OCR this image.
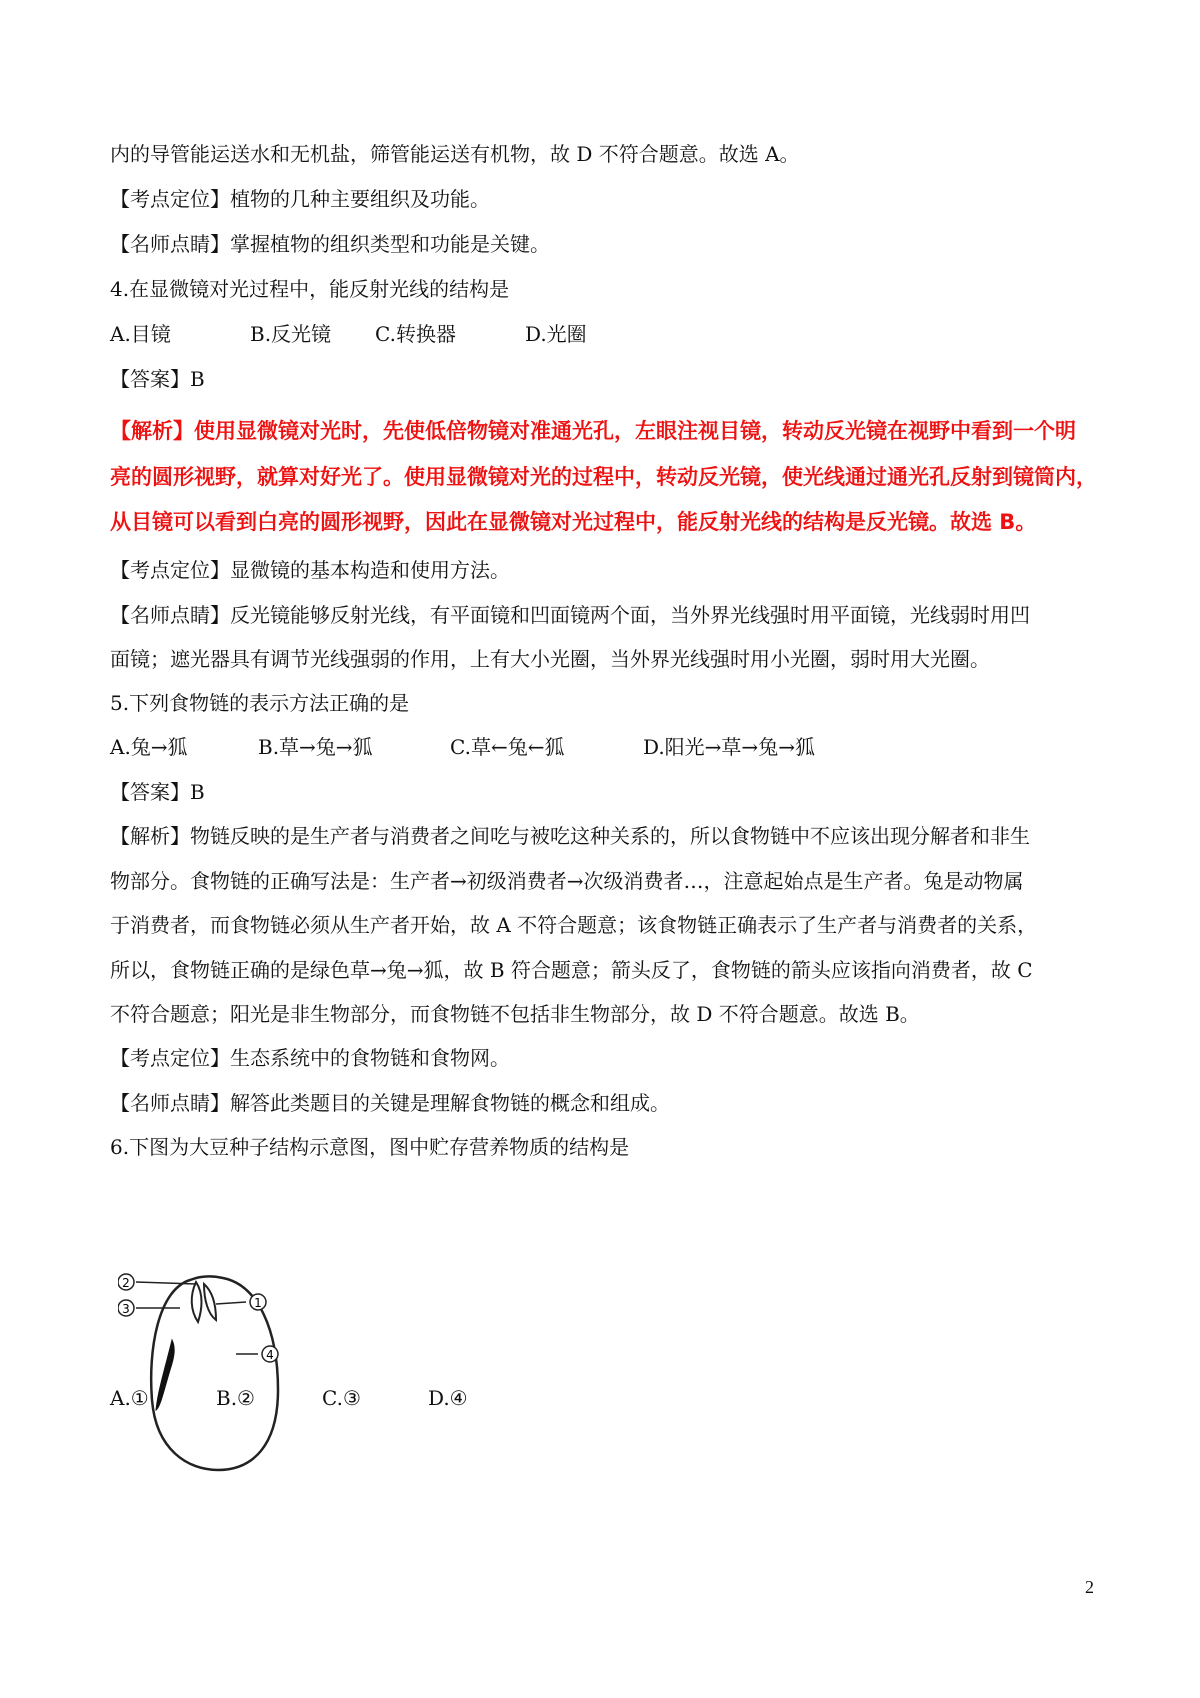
内的导管能运送水和无机盐，筛管能运送有机物，故 D 不符合题意。故选 A。
【考点定位】植物的几种主要组织及功能。
【名师点睛】掌握植物的组织类型和功能是关键。
4.在显微镜对光过程中，能反射光线的结构是
A.目镜	B.反光镜 C.转换器	D.光圈
【答案】B
【解析】使用显微镜对光时，先使低倍物镜对准通光孔，左眼注视目镜，转动反光镜在视野中看到一个明
亮的圆形视野，就算对好光了。使用显微镜对光的过程中，转动反光镜，使光线通过通光孔反射到镜筒内，
从目镜可以看到白亮的圆形视野，因此在显微镜对光过程中，能反射光线的结构是反光镜。故选 B。
【考点定位】显微镜的基本构造和使用方法。
【名师点睛】反光镜能够反射光线，有平面镜和凹面镜两个面，当外界光线强时用平面镜，光线弱时用凹
面镜；遮光器具有调节光线强弱的作用，上有大小光圈，当外界光线强时用小光圈，弱时用大光圈。
5.下列食物链的表示方法正确的是
A.兔→狐	B.草→兔→狐	C.草←兔←狐	D.阳光→草→兔→狐
【答案】B
【解析】物链反映的是生产者与消费者之间吃与被吃这种关系的，所以食物链中不应该出现分解者和非生
物部分。食物链的正确写法是：生产者→初级消费者→次级消费者…，注意起始点是生产者。兔是动物属
于消费者，而食物链必须从生产者开始，故 A 不符合题意；该食物链正确表示了生产者与消费者的关系，
所以，食物链正确的是绿色草→兔→狐，故 B 符合题意；箭头反了，食物链的箭头应该指向消费者，故 C
不符合题意；阳光是非生物部分，而食物链不包括非生物部分，故 D 不符合题意。故选 B。
【考点定位】生态系统中的食物链和食物网。
【名师点睛】解答此类题目的关键是理解食物链的概念和组成。
6.下图为大豆种子结构示意图，图中贮存营养物质的结构是
2
3	1
4
A.①	B.②	C.③	D.④
2
